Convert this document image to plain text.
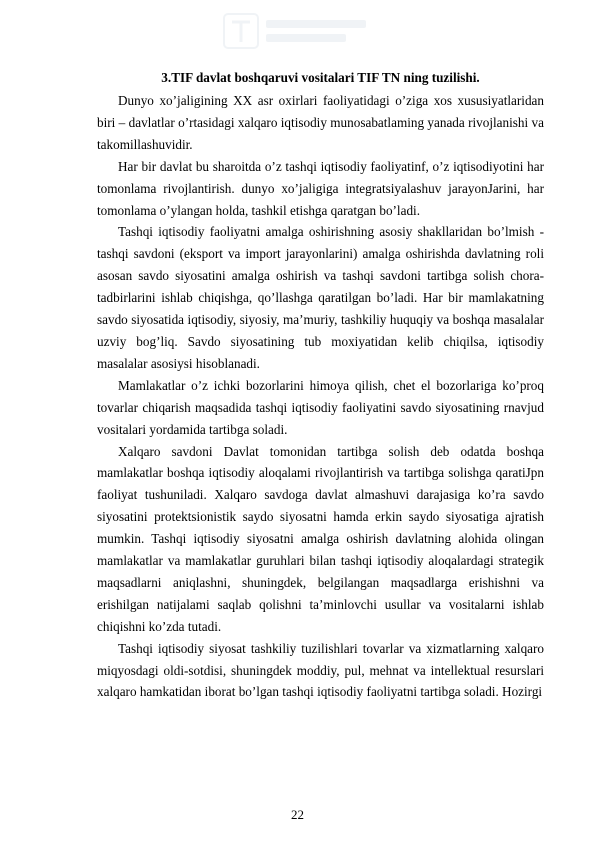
3.TIF davlat boshqaruvi vositalari TIF TN ning tuzilishi.

Dunyo xo’jaligining XX asr oxirlari faoliyatidagi o’ziga xos xususiyatlaridan biri – davlatlar o’rtasidagi xalqaro iqtisodiy munosabatlaming yanada rivojlanishi va takomillashuvidir.

Har bir davlat bu sharoitda o’z tashqi iqtisodiy faoliyatinf, o’z iqtisodiyotini har tomonlama rivojlantirish. dunyo xo’jaligiga integratsiyalashuv jarayonJarini, har tomonlama o’ylangan holda, tashkil etishga qaratgan bo’ladi.

Tashqi iqtisodiy faoliyatni amalga oshirishning asosiy shakllaridan bo’lmish - tashqi savdoni (eksport va import jarayonlarini) amalga oshirishda davlatning roli asosan savdo siyosatini amalga oshirish va tashqi savdoni tartibga solish chora-tadbirlarini ishlab chiqishga, qo’llashga qaratilgan bo’ladi. Har bir mamlakatning savdo siyosatida iqtisodiy, siyosiy, ma’muriy, tashkiliy huquqiy va boshqa masalalar uzviy bog’liq. Savdo siyosatining tub moxiyatidan kelib chiqilsa, iqtisodiy masalalar asosiysi hisoblanadi.

Mamlakatlar o’z ichki bozorlarini himoya qilish, chet el bozorlariga ko’proq tovarlar chiqarish maqsadida tashqi iqtisodiy faoliyatini savdo siyosatining rnavjud vositalari yordamida tartibga soladi.

Xalqaro savdoni Davlat tomonidan tartibga solish deb odatda boshqa mamlakatlar boshqa iqtisodiy aloqalami rivojlantirish va tartibga solishga qaratiJpn faoliyat tushuniladi. Xalqaro savdoga davlat almashuvi darajasiga ko’ra savdo siyosatini protektsionistik saydo siyosatni hamda erkin saydo siyosatiga ajratish mumkin. Tashqi iqtisodiy siyosatni amalga oshirish davlatning alohida olingan mamlakatlar va mamlakatlar guruhlari bilan tashqi iqtisodiy aloqalardagi strategik maqsadlarni aniqlashni, shuningdek, belgilangan maqsadlarga erishishni va erishilgan natijalami saqlab qolishni ta’minlovchi usullar va vositalarni ishlab chiqishni ko’zda tutadi.

Tashqi iqtisodiy siyosat tashkiliy tuzilishlari tovarlar va xizmatlarning xalqaro miqyosdagi oldi-sotdisi, shuningdek moddiy, pul, mehnat va intellektual resurslari xalqaro hamkatidan iborat bo’lgan tashqi iqtisodiy faoliyatni tartibga soladi. Hozirgi

22
